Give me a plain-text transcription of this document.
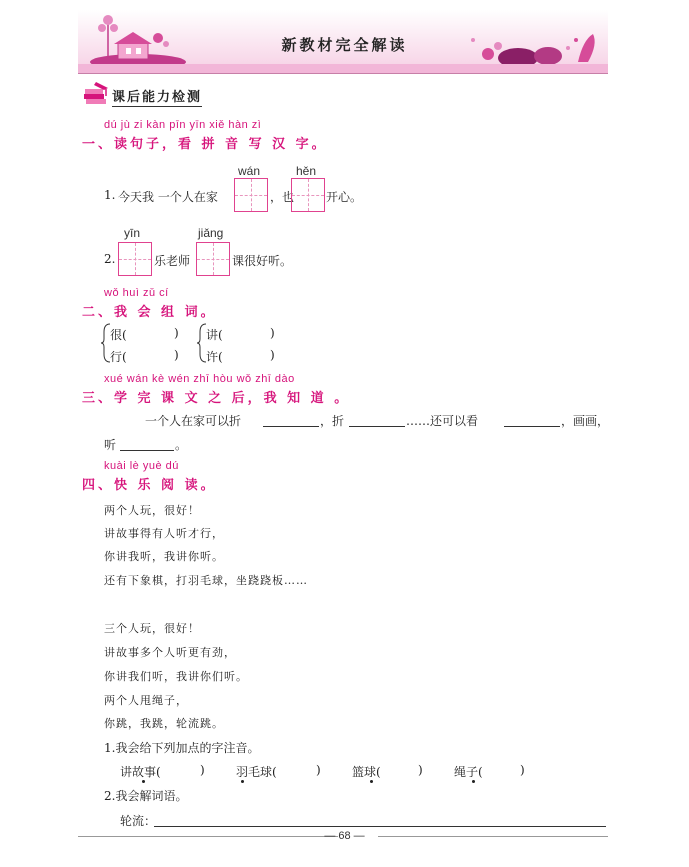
新教材完全解读
课后能力检测
dú jù zi kàn pīn yīn xiě hàn zì
一、读句子，看 拼 音 写 汉 字。
wán	hěn
1. 今天我 一个人在家	，也	开心。
yīn	jiǎng
2.	乐老师	课很好听。
wǒ huì zǔ cí
二、我 会 组 词。
很(	)
行(	)
讲(	)
许(	)
xué wán kè wén zhī hòu wǒ zhī dào
三、学 完 课 文 之 后，我 知 道 。
一个人在家可以折	，折	……还可以看	，画画，
听	。
kuài lè yuè dú
四、快 乐 阅 读。
两个人玩，很好！
讲故事得有人听才行，
你讲我听，我讲你听。
还有下象棋，打羽毛球，坐跷跷板……
三个人玩，很好！
讲故事多个人听更有劲，
你讲我们听，我讲你们听。
两个人甩绳子，
你跳，我跳，轮流跳。
1.我会给下列加点的字注音。
讲故事(	)	羽毛球(	)	篮球(	)	绳子(	)
2.我会解词语。
轮流：
— 68 —
